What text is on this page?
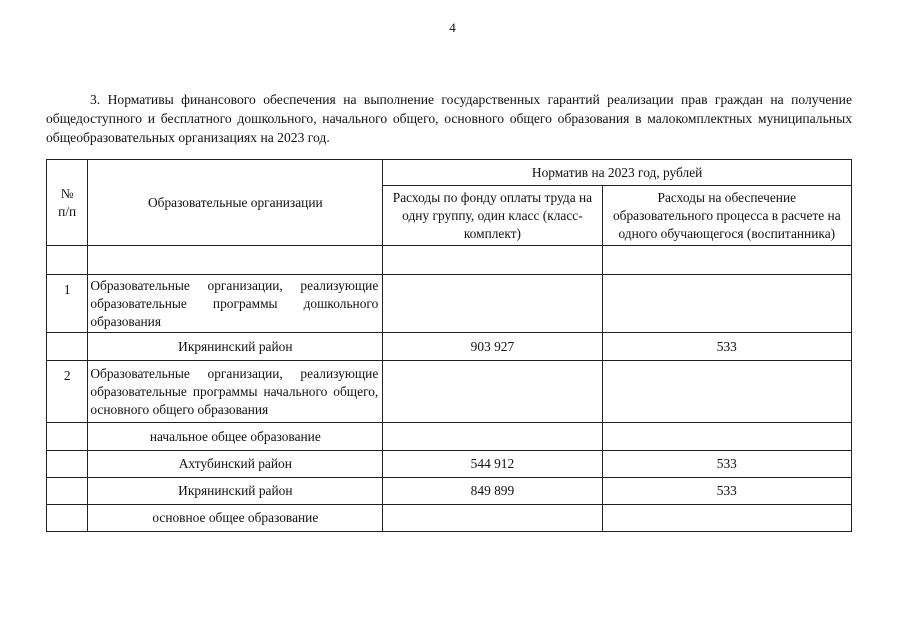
4
3. Нормативы финансового обеспечения на выполнение государственных гарантий реализации прав граждан на получение общедоступного и бесплатного дошкольного, начального общего, основного общего образования в малокомплектных муниципальных общеобразовательных организациях на 2023 год.
№ п/п	Образовательные организации	Норматив на 2023 год, рублей	
		Расходы по фонду оплаты труда на одну группу, один класс (класс-комплект)	Расходы на обеспечение образовательного процесса в расчете на одного обучающегося (воспитанника)

1	Образовательные организации, реализующие образовательные программы дошкольного образования		
	Икрянинский район	903 927	533
2	Образовательные организации, реализующие образовательные программы начального общего, основного общего образования		
	начальное общее образование		
	Ахтубинский район	544 912	533
	Икрянинский район	849 899	533
	основное общее образование		
